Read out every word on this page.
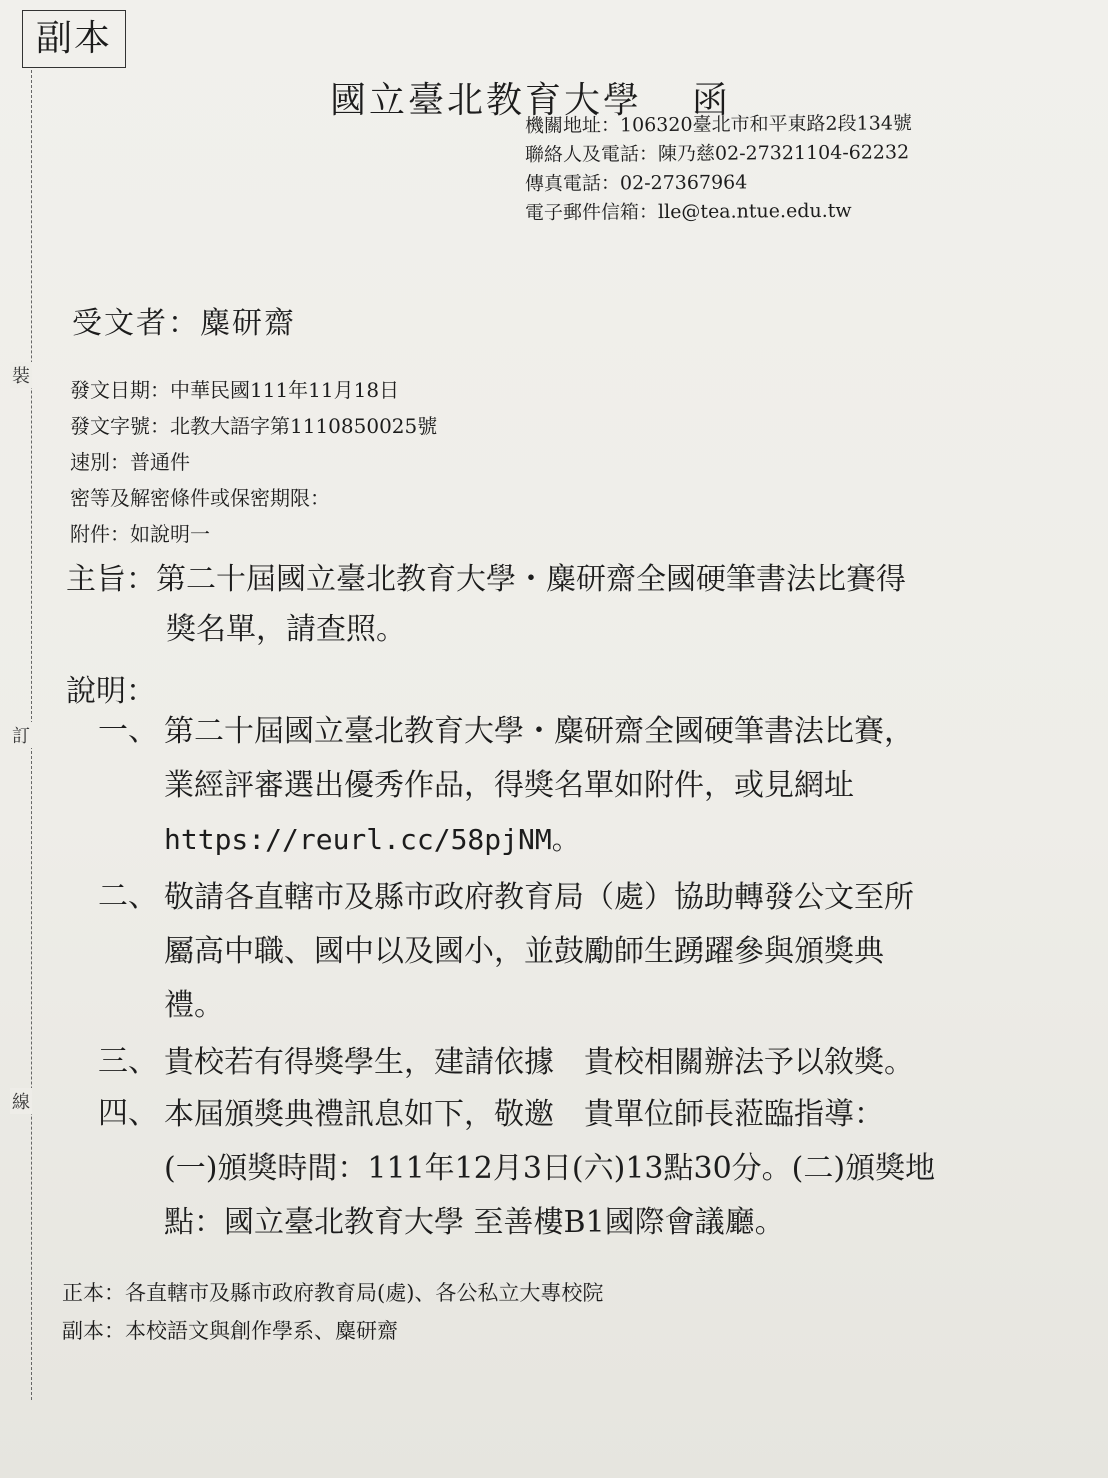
副本
裝
訂
線
國立臺北教育大學 函
機關地址：106320臺北市和平東路2段134號
聯絡人及電話：陳乃慈02-27321104-62232
傳真電話：02-27367964
電子郵件信箱：lle@tea.ntue.edu.tw
受文者：麋研齋
發文日期：中華民國111年11月18日
發文字號：北教大語字第1110850025號
速別：普通件
密等及解密條件或保密期限：
附件：如說明一
主旨：第二十屆國立臺北教育大學・麋研齋全國硬筆書法比賽得
獎名單，請查照。
說明：
一、 第二十屆國立臺北教育大學・麋研齋全國硬筆書法比賽，
業經評審選出優秀作品，得獎名單如附件，或見網址
https://reurl.cc/58pjNM。
二、 敬請各直轄市及縣市政府教育局（處）協助轉發公文至所
屬高中職、國中以及國小，並鼓勵師生踴躍參與頒獎典
禮。
三、 貴校若有得獎學生，建請依據　貴校相關辦法予以敘獎。
四、 本屆頒獎典禮訊息如下，敬邀　貴單位師長蒞臨指導：
(一)頒獎時間：111年12月3日(六)13點30分。(二)頒獎地
點：國立臺北教育大學 至善樓B1國際會議廳。
正本：各直轄市及縣市政府教育局(處)、各公私立大專校院
副本：本校語文與創作學系、麋研齋
